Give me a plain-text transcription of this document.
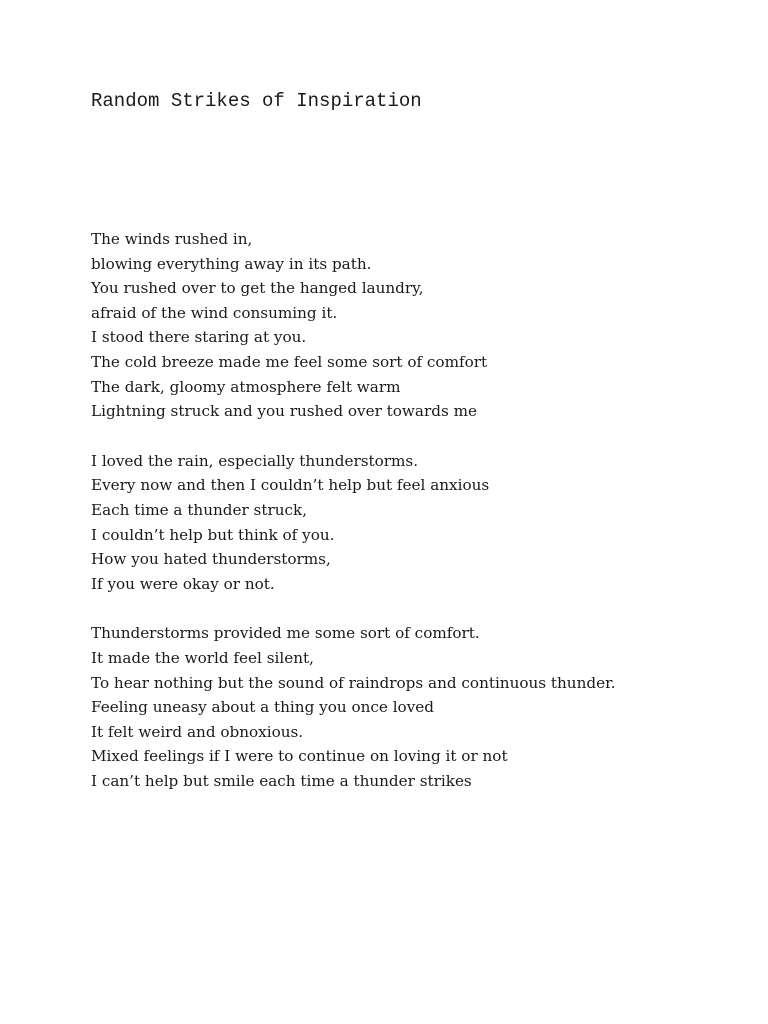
Random Strikes of Inspiration
The winds rushed in,
blowing everything away in its path.
You rushed over to get the hanged laundry,
afraid of the wind consuming it.
I stood there staring at you.
The cold breeze made me feel some sort of comfort
The dark, gloomy atmosphere felt warm
Lightning struck and you rushed over towards me
I loved the rain, especially thunderstorms.
Every now and then I couldn’t help but feel anxious
Each time a thunder struck,
I couldn’t help but think of you.
How you hated thunderstorms,
If you were okay or not.
Thunderstorms provided me some sort of comfort.
It made the world feel silent,
To hear nothing but the sound of raindrops and continuous thunder.
Feeling uneasy about a thing you once loved
It felt weird and obnoxious.
Mixed feelings if I were to continue on loving it or not
I can’t help but smile each time a thunder strikes
